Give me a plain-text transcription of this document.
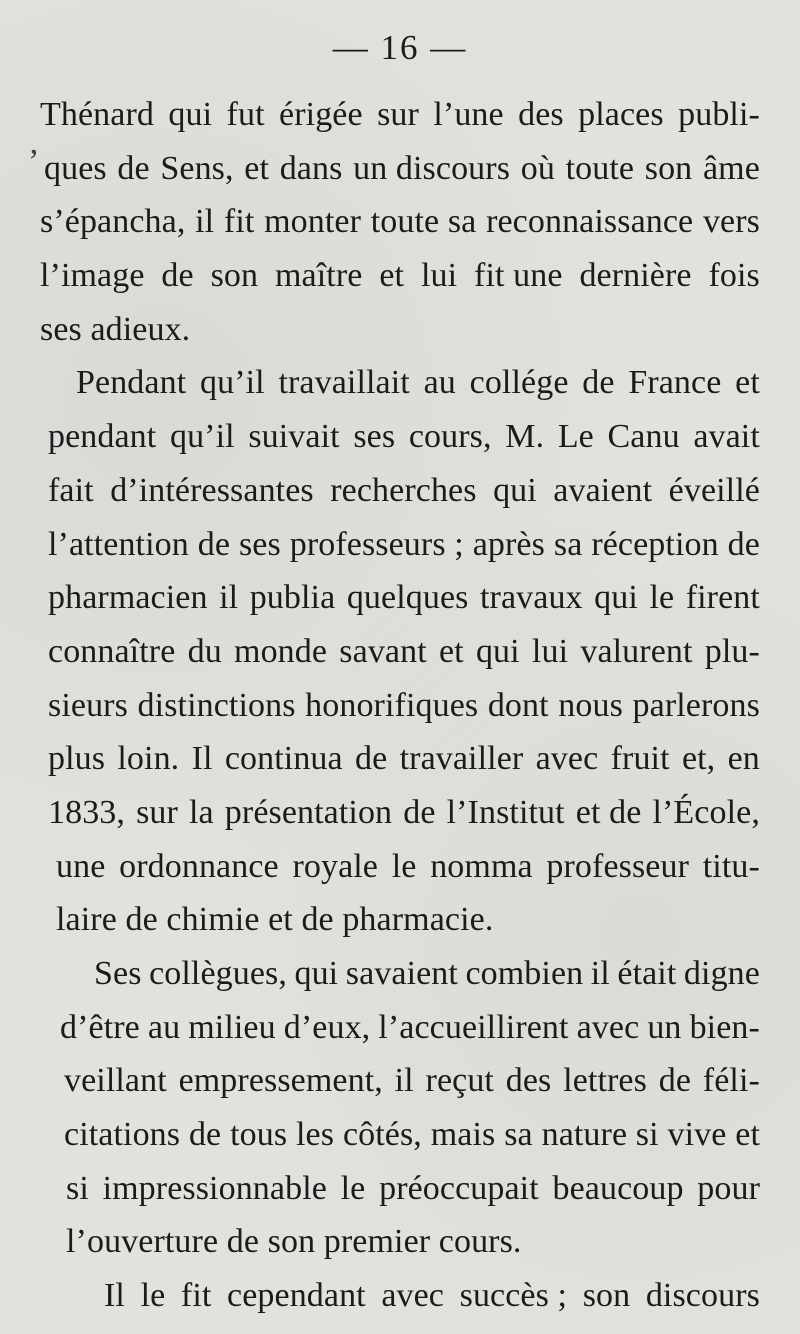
— 16 —
’
Thénard qui fut érigée sur l’une des places publi-
ques de Sens, et dans un discours où toute son âme
s’épancha, il fit monter toute sa reconnaissance vers
l’image de son maître et lui fit une dernière fois
ses adieux.
Pendant qu’il travaillait au collége de France et
pendant qu’il suivait ses cours, M. Le Canu avait
fait d’intéressantes recherches qui avaient éveillé
l’attention de ses professeurs ; après sa réception de
pharmacien il publia quelques travaux qui le firent
connaître du monde savant et qui lui valurent plu-
sieurs distinctions honorifiques dont nous parlerons
plus loin. Il continua de travailler avec fruit et, en
1833, sur la présentation de l’Institut et de l’École,
une ordonnance royale le nomma professeur titu-
laire de chimie et de pharmacie.
Ses collègues, qui savaient combien il était digne
d’être au milieu d’eux, l’accueillirent avec un bien-
veillant empressement, il reçut des lettres de féli-
citations de tous les côtés, mais sa nature si vive et
si impressionnable le préoccupait beaucoup pour
l’ouverture de son premier cours.
Il le fit cependant avec succès ; son discours
